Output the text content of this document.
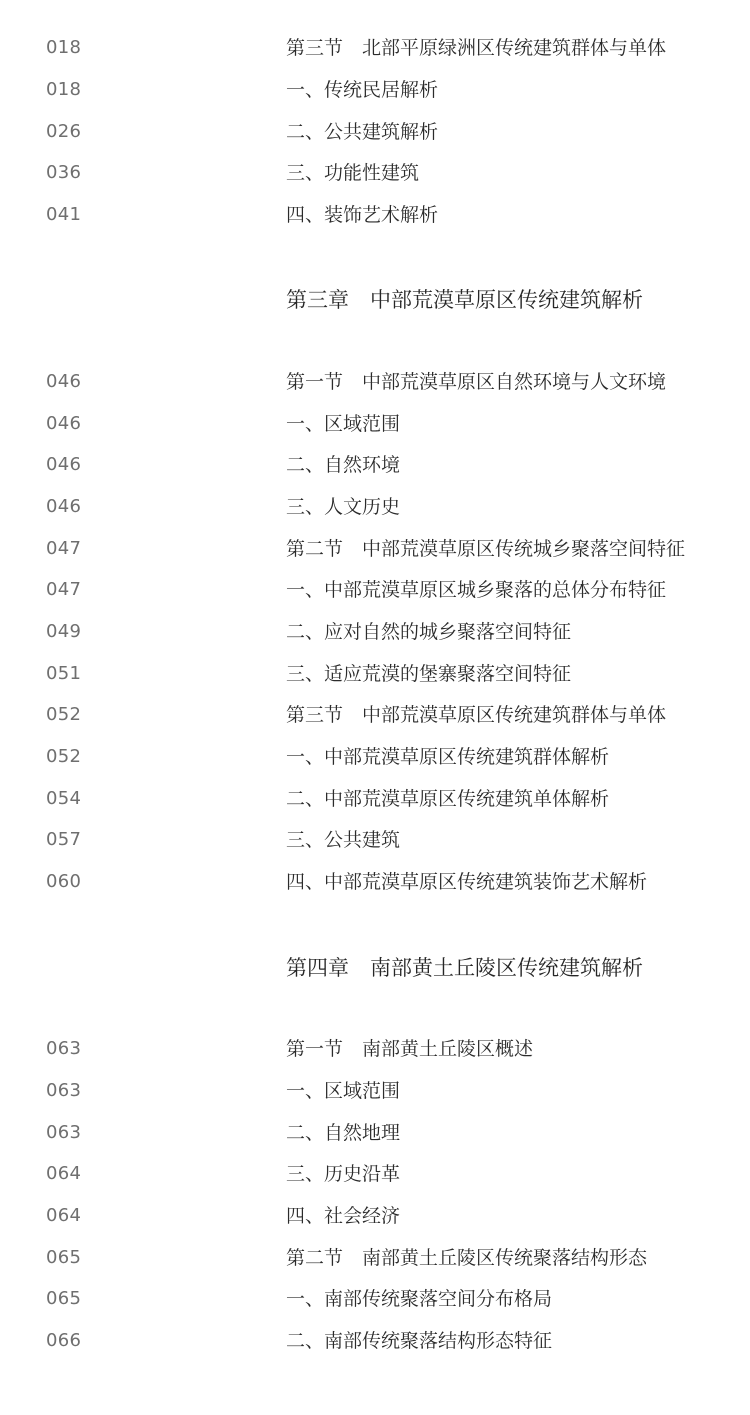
018	第三节　北部平原绿洲区传统建筑群体与单体
018	一、传统民居解析
026	二、公共建筑解析
036	三、功能性建筑
041	四、装饰艺术解析
第三章　中部荒漠草原区传统建筑解析
046	第一节　中部荒漠草原区自然环境与人文环境
046	一、区域范围
046	二、自然环境
046	三、人文历史
047	第二节　中部荒漠草原区传统城乡聚落空间特征
047	一、中部荒漠草原区城乡聚落的总体分布特征
049	二、应对自然的城乡聚落空间特征
051	三、适应荒漠的堡寨聚落空间特征
052	第三节　中部荒漠草原区传统建筑群体与单体
052	一、中部荒漠草原区传统建筑群体解析
054	二、中部荒漠草原区传统建筑单体解析
057	三、公共建筑
060	四、中部荒漠草原区传统建筑装饰艺术解析
第四章　南部黄土丘陵区传统建筑解析
063	第一节　南部黄土丘陵区概述
063	一、区域范围
063	二、自然地理
064	三、历史沿革
064	四、社会经济
065	第二节　南部黄土丘陵区传统聚落结构形态
065	一、南部传统聚落空间分布格局
066	二、南部传统聚落结构形态特征
